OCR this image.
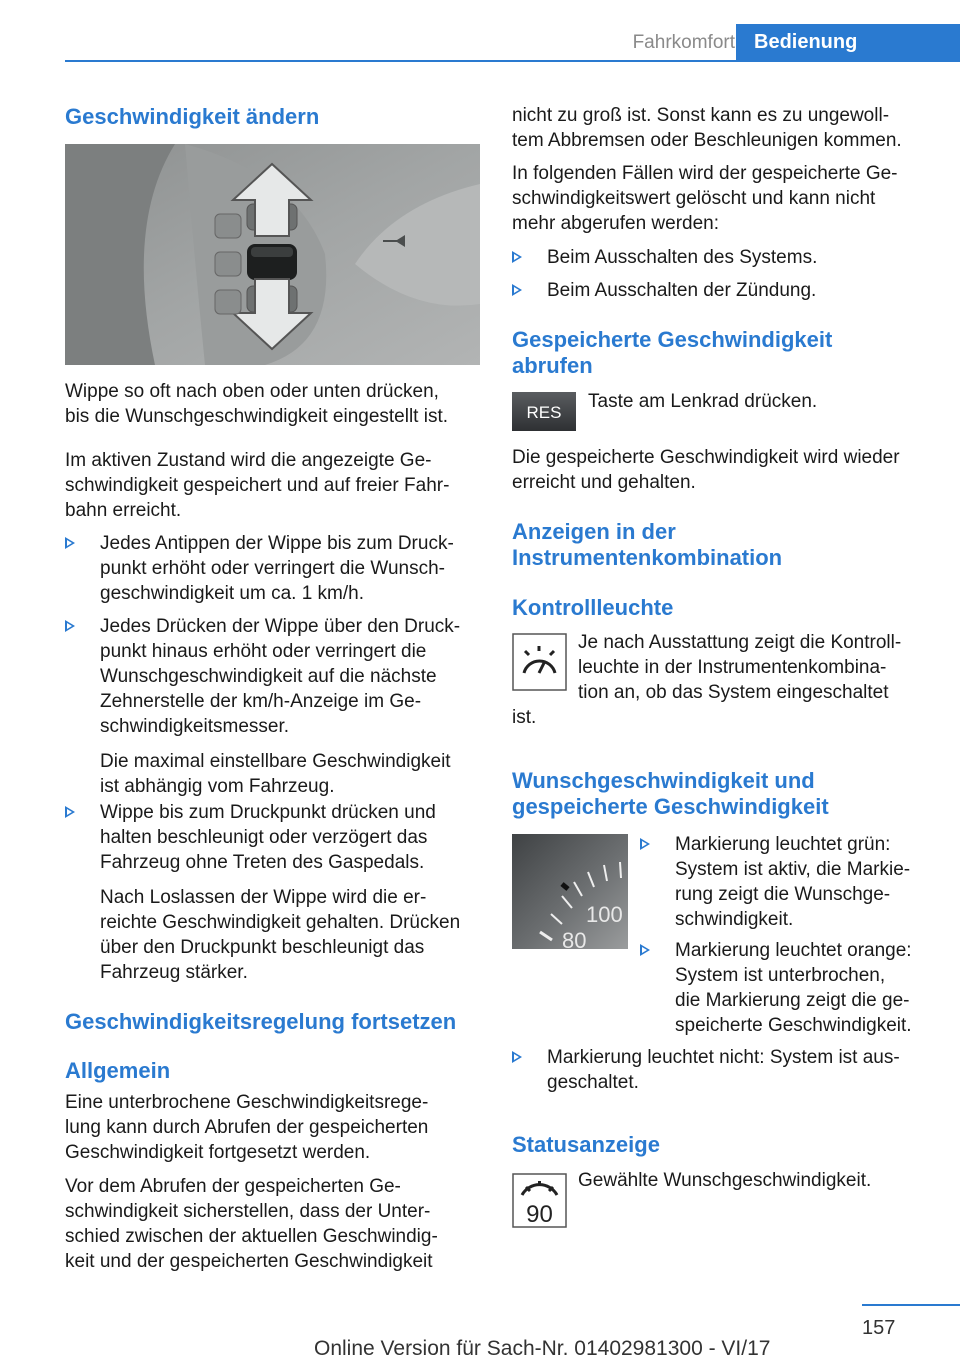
Fahrkomfort Bedienung
Geschwindigkeit ändern

Wippe so oft nach oben oder unten drücken,
bis die Wunschgeschwindigkeit eingestellt ist.

Im aktiven Zustand wird die angezeigte Ge-
schwindigkeit gespeichert und auf freier Fahr-
bahn erreicht.

Jedes Antippen der Wippe bis zum Druck-
punkt erhöht oder verringert die Wunsch-
geschwindigkeit um ca. 1 km/h.
Jedes Drücken der Wippe über den Druck-
punkt hinaus erhöht oder verringert die
Wunschgeschwindigkeit auf die nächste
Zehnerstelle der km/h-Anzeige im Ge-
schwindigkeitsmesser.
Die maximal einstellbare Geschwindigkeit
ist abhängig vom Fahrzeug.
Wippe bis zum Druckpunkt drücken und
halten beschleunigt oder verzögert das
Fahrzeug ohne Treten des Gaspedals.
Nach Loslassen der Wippe wird die er-
reichte Geschwindigkeit gehalten. Drücken
über den Druckpunkt beschleunigt das
Fahrzeug stärker.
Geschwindigkeitsregelung fortsetzen
Allgemein

Eine unterbrochene Geschwindigkeitsrege-
lung kann durch Abrufen der gespeicherten
Geschwindigkeit fortgesetzt werden.

Vor dem Abrufen der gespeicherten Ge-
schwindigkeit sicherstellen, dass der Unter-
schied zwischen der aktuellen Geschwindig-
keit und der gespeicherten Geschwindigkeit

nicht zu groß ist. Sonst kann es zu ungewoll-
tem Abbremsen oder Beschleunigen kommen.

In folgenden Fällen wird der gespeicherte Ge-
schwindigkeitswert gelöscht und kann nicht
mehr abgerufen werden:

Beim Ausschalten des Systems.
Beim Ausschalten der Zündung.
Gespeicherte Geschwindigkeit
abrufen
RES
Taste am Lenkrad drücken.

Die gespeicherte Geschwindigkeit wird wieder
erreicht und gehalten.

Anzeigen in der
Instrumentenkombination
Kontrollleuchte

Je nach Ausstattung zeigt die Kontroll-
leuchte in der Instrumentenkombina-
tion an, ob das System eingeschaltet
ist.

Wunschgeschwindigkeit und
gespeicherte Geschwindigkeit
100
80
Markierung leuchtet grün:
System ist aktiv, die Markie-
rung zeigt die Wunschge-
schwindigkeit.
Markierung leuchtet orange:
System ist unterbrochen,
die Markierung zeigt die ge-
speicherte Geschwindigkeit.
Markierung leuchtet nicht: System ist aus-
geschaltet.
Statusanzeige
90
Gewählte Wunschgeschwindigkeit.
157
Online Version für Sach-Nr. 01402981300 - VI/17
